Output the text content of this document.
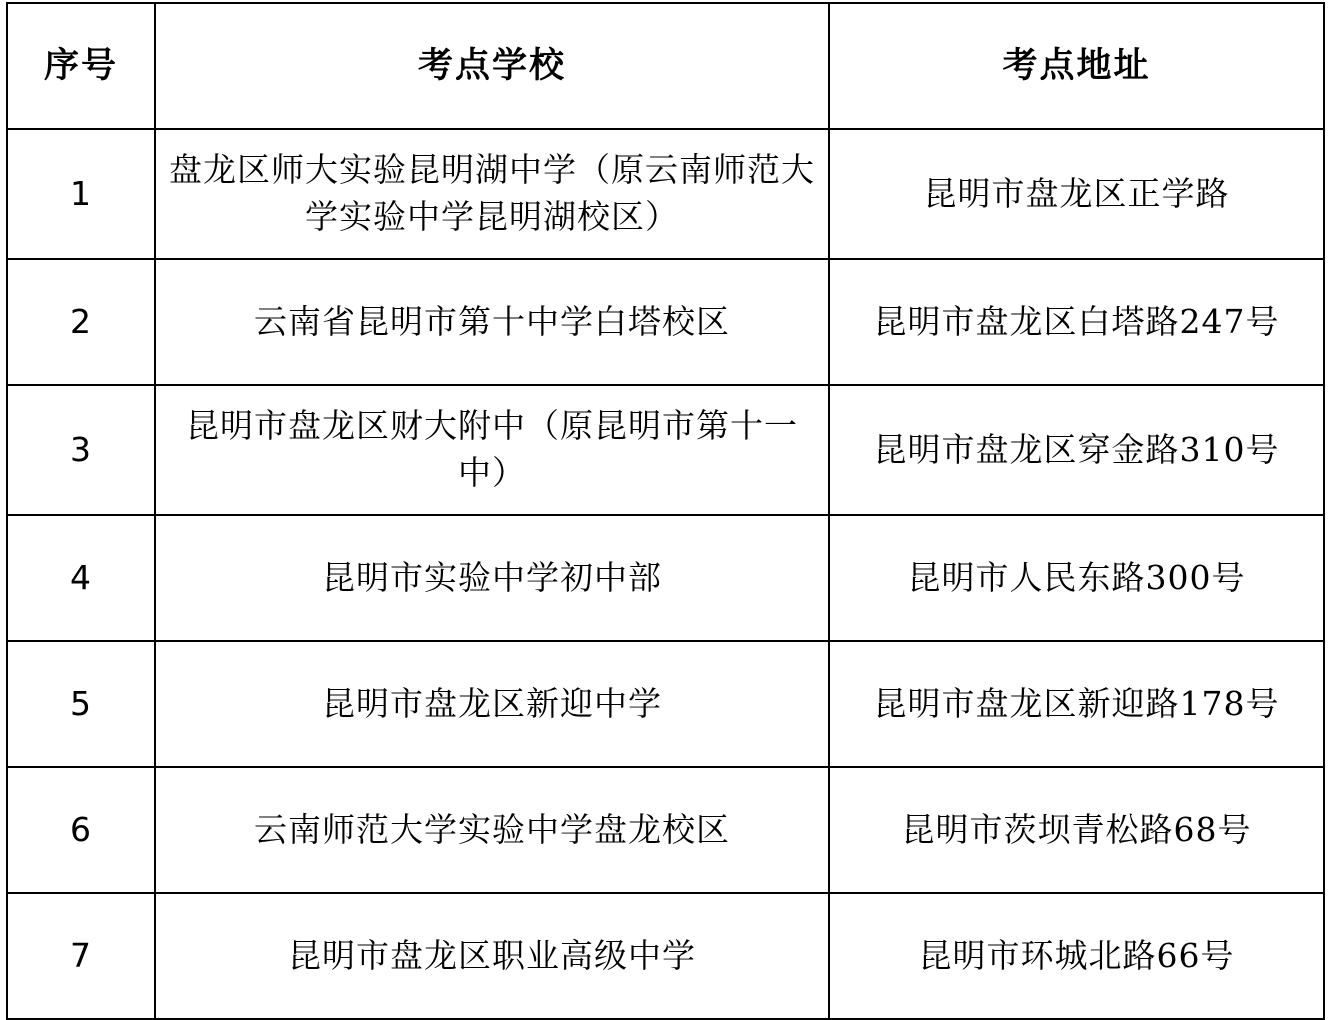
序号	考点学校	考点地址
1	盘龙区师大实验昆明湖中学（原云南师范大学实验中学昆明湖校区）	昆明市盘龙区正学路
2	云南省昆明市第十中学白塔校区	昆明市盘龙区白塔路247号
3	昆明市盘龙区财大附中（原昆明市第十一中）	昆明市盘龙区穿金路310号
4	昆明市实验中学初中部	昆明市人民东路300号
5	昆明市盘龙区新迎中学	昆明市盘龙区新迎路178号
6	云南师范大学实验中学盘龙校区	昆明市茨坝青松路68号
7	昆明市盘龙区职业高级中学	昆明市环城北路66号
